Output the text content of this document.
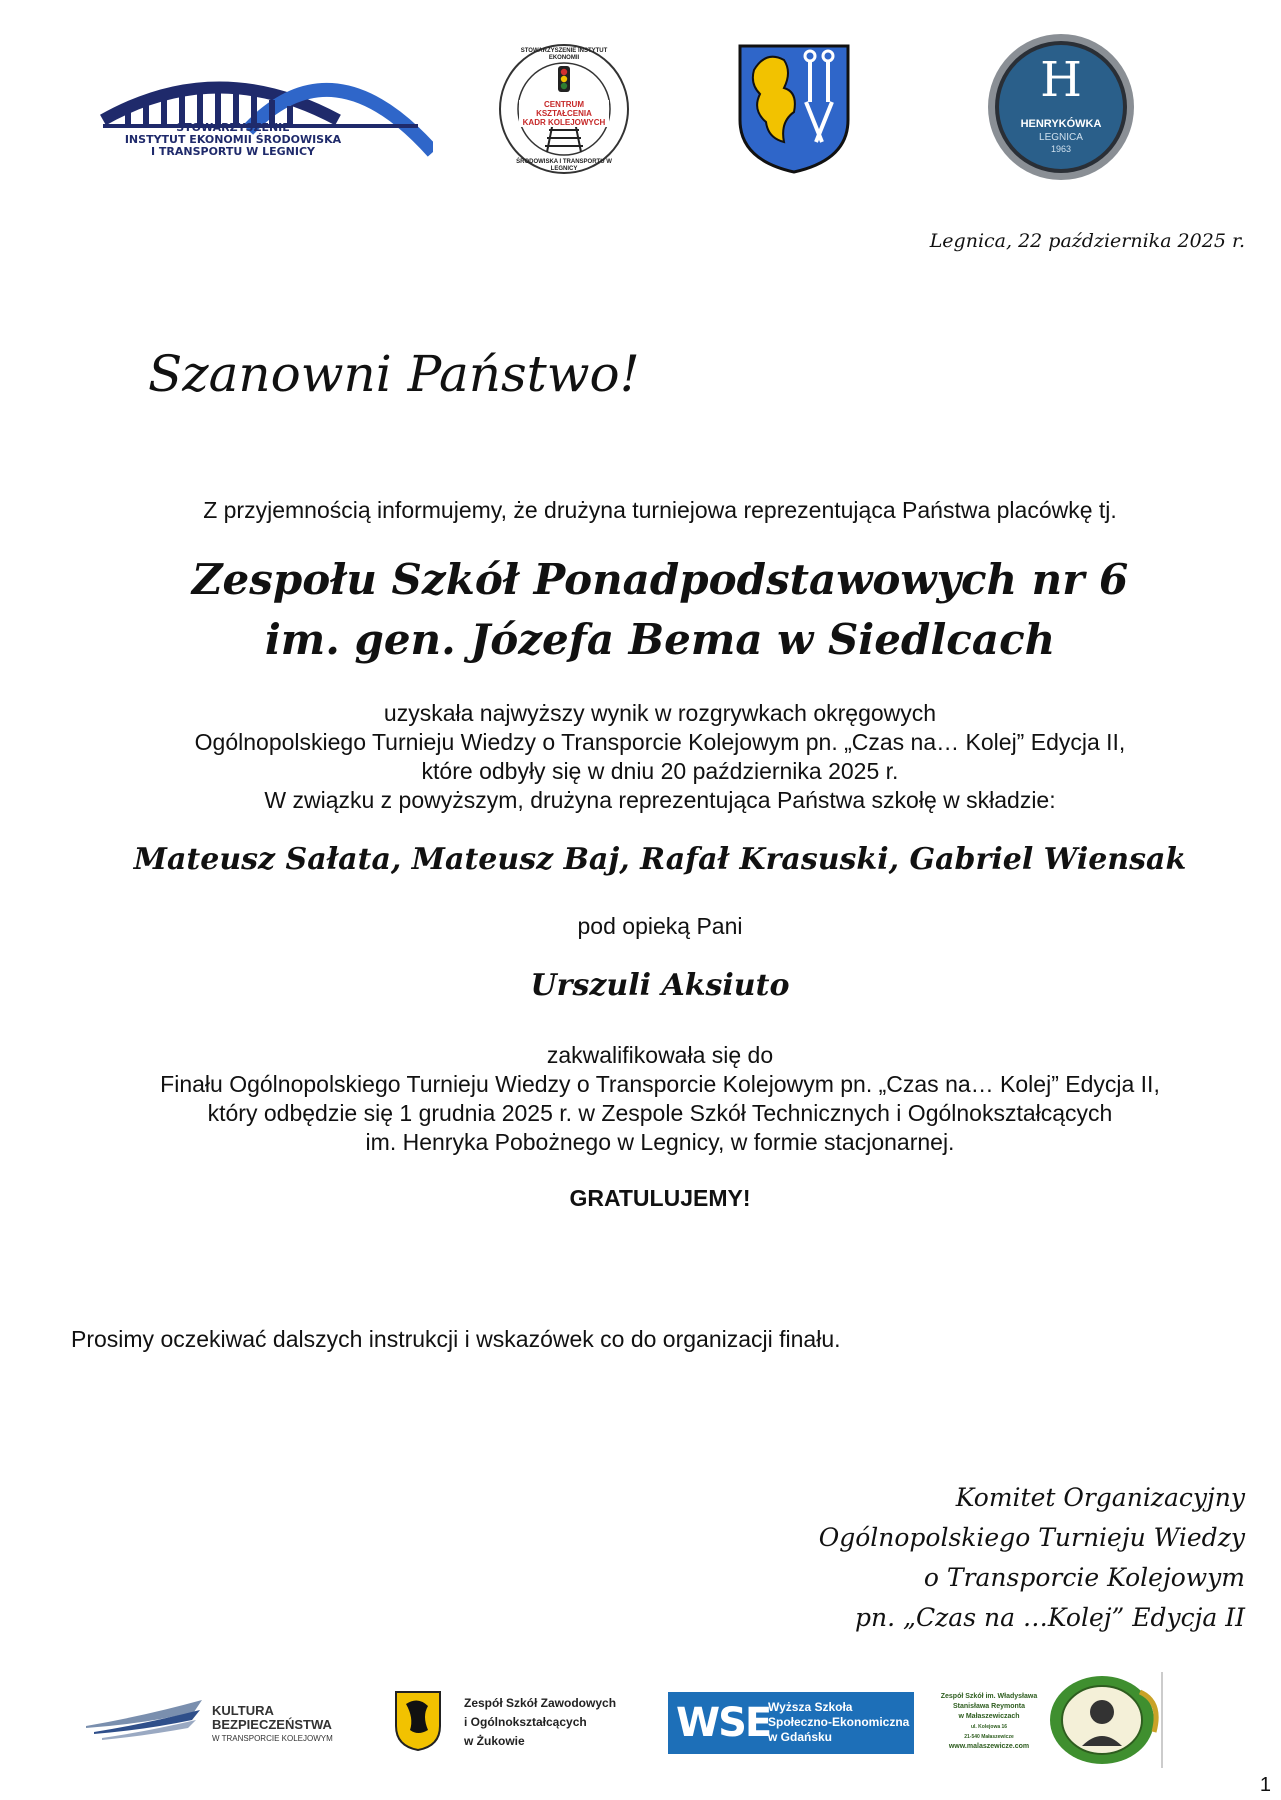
STOWARZYSZENIE
INSTYTUT EKONOMII ŚRODOWISKA
I TRANSPORTU W LEGNICY
CENTRUM KSZTAŁCENIA
KADR KOLEJOWYCH
STOWARZYSZENIE INSTYTUT EKONOMII
ŚRODOWISKA I TRANSPORTU W LEGNICY
H
HENRYKÓWKA
LEGNICA
1963
Legnica, 22 października 2025 r.
Szanowni Państwo!
Z przyjemnością informujemy, że drużyna turniejowa reprezentująca Państwa placówkę tj.
Zespołu Szkół Ponadpodstawowych nr 6
im. gen. Józefa Bema w Siedlcach
uzyskała najwyższy wynik w rozgrywkach okręgowych
Ogólnopolskiego Turnieju Wiedzy o Transporcie Kolejowym pn. „Czas na… Kolej” Edycja II,
które odbyły się w dniu 20 października 2025 r.
W związku z powyższym, drużyna reprezentująca Państwa szkołę w składzie:
Mateusz Sałata, Mateusz Baj, Rafał Krasuski, Gabriel Wiensak
pod opieką Pani
Urszuli Aksiuto
zakwalifikowała się do
Finału Ogólnopolskiego Turnieju Wiedzy o Transporcie Kolejowym pn. „Czas na… Kolej” Edycja II,
który odbędzie się 1 grudnia 2025 r. w Zespole Szkół Technicznych i Ogólnokształcących
im. Henryka Pobożnego w Legnicy, w formie stacjonarnej.
GRATULUJEMY!
Prosimy oczekiwać dalszych instrukcji i wskazówek co do organizacji finału.
Komitet Organizacyjny
Ogólnopolskiego Turnieju Wiedzy
o Transporcie Kolejowym
pn. „Czas na …Kolej” Edycja II
KULTURA
BEZPIECZEŃSTWA
W TRANSPORCIE KOLEJOWYM
Zespół Szkół Zawodowych
i Ogólnokształcących
w Żukowie	WSE
Wyższa Szkoła
Społeczno-Ekonomiczna
w Gdańsku
Zespół Szkół im. Władysława
Stanisława Reymonta
w Małaszewiczach
ul. Kolejowa 16
21-540 Małaszewicze
www.malaszewicze.com
1
